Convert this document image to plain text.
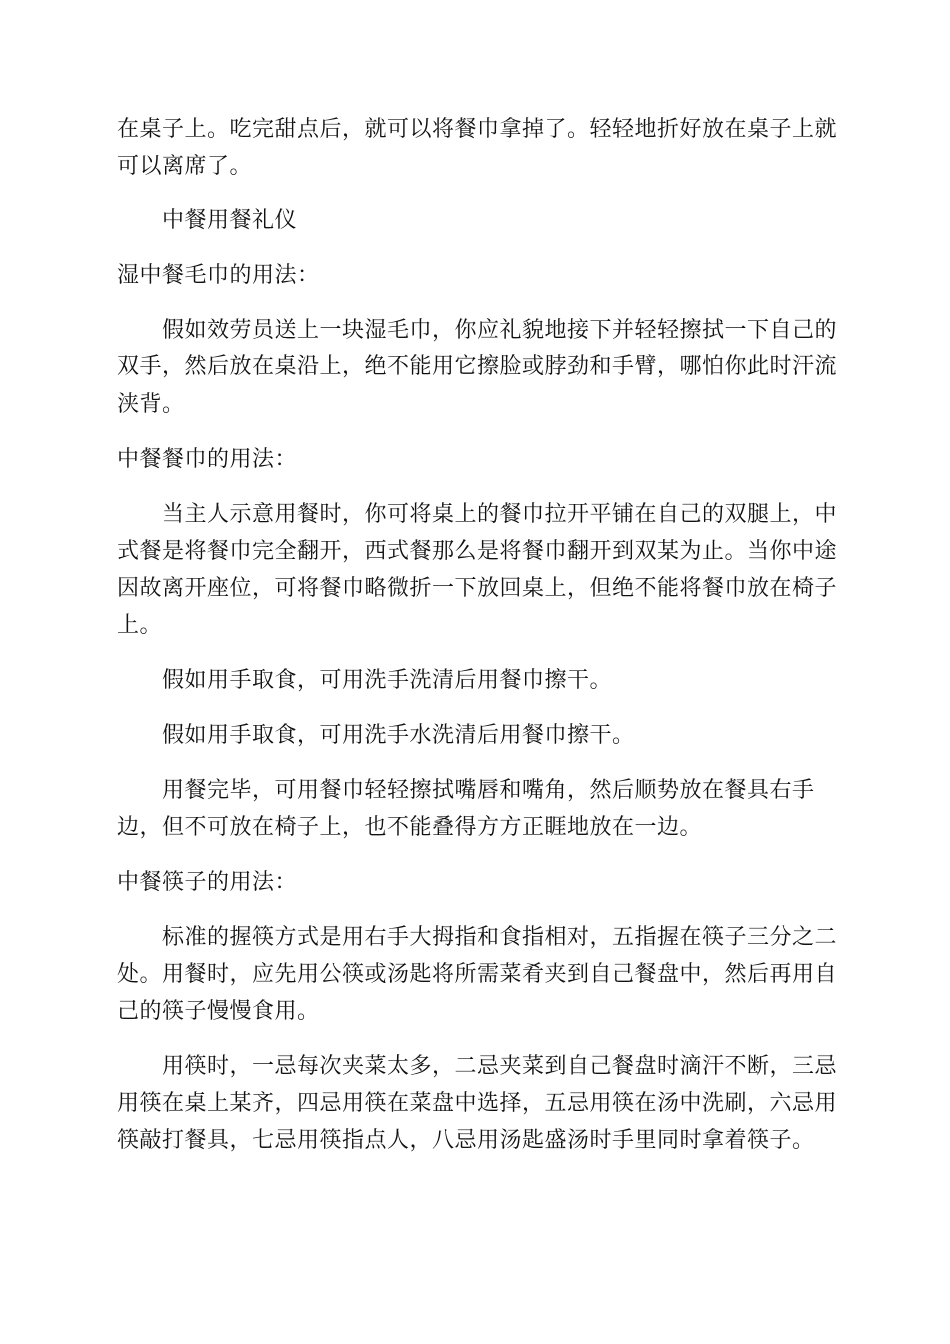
在桌子上。吃完甜点后，就可以将餐巾拿掉了。轻轻地折好放在桌子上就
可以离席了。
中餐用餐礼仪
湿中餐毛巾的用法：
假如效劳员送上一块湿毛巾，你应礼貌地接下并轻轻擦拭一下自己的
双手，然后放在桌沿上，绝不能用它擦脸或脖劲和手臂，哪怕你此时汗流
浃背。
中餐餐巾的用法：
当主人示意用餐时，你可将桌上的餐巾拉开平铺在自己的双腿上，中
式餐是将餐巾完全翻开，西式餐那么是将餐巾翻开到双某为止。当你中途
因故离开座位，可将餐巾略微折一下放回桌上，但绝不能将餐巾放在椅子
上。
假如用手取食，可用洗手洗清后用餐巾擦干。
假如用手取食，可用洗手水洗清后用餐巾擦干。
用餐完毕，可用餐巾轻轻擦拭嘴唇和嘴角，然后顺势放在餐具右手
边，但不可放在椅子上，也不能叠得方方正睚地放在一边。
中餐筷子的用法：
标准的握筷方式是用右手大拇指和食指相对，五指握在筷子三分之二
处。用餐时，应先用公筷或汤匙将所需菜肴夹到自己餐盘中，然后再用自
己的筷子慢慢食用。
用筷时，一忌每次夹菜太多，二忌夹菜到自己餐盘时滴汗不断，三忌
用筷在桌上某齐，四忌用筷在菜盘中选择，五忌用筷在汤中洗刷，六忌用
筷敲打餐具，七忌用筷指点人，八忌用汤匙盛汤时手里同时拿着筷子。
